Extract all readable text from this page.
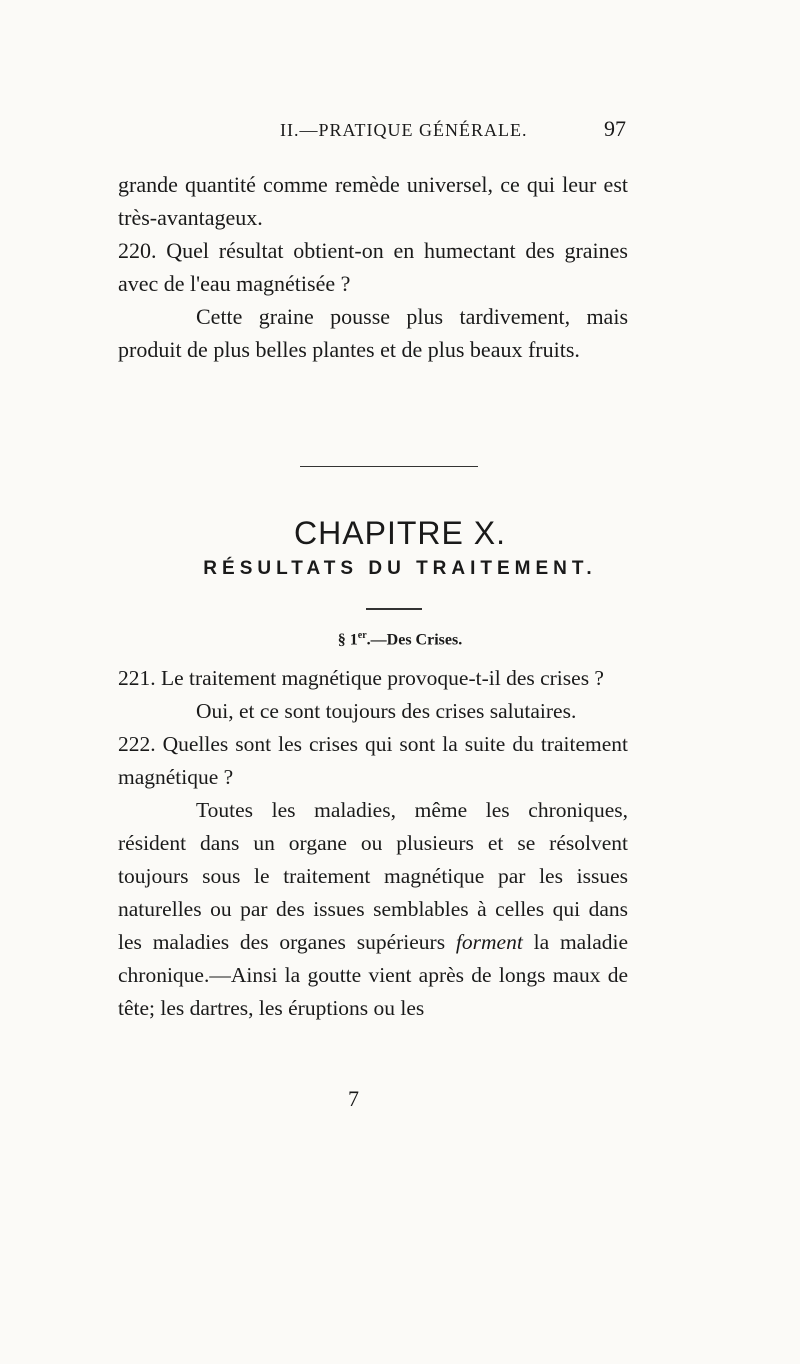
II.—PRATIQUE GÉNÉRALE.	97

grande quantité comme remède universel, ce qui leur est très-avantageux.

220. Quel résultat obtient-on en humectant des graines avec de l'eau magnétisée ?

Cette graine pousse plus tardivement, mais produit de plus belles plantes et de plus beaux fruits.

CHAPITRE X.
RÉSULTATS DU TRAITEMENT.
§ 1er.—Des Crises.

221. Le traitement magnétique provoque-t-il des crises ?

Oui, et ce sont toujours des crises salutaires.

222. Quelles sont les crises qui sont la suite du traitement magnétique ?

Toutes les maladies, même les chroniques, résident dans un organe ou plusieurs et se résolvent toujours sous le traitement magnétique par les issues naturelles ou par des issues semblables à celles qui dans les maladies des organes supérieurs forment la maladie chronique.—Ainsi la goutte vient après de longs maux de tête; les dartres, les éruptions ou les

7
